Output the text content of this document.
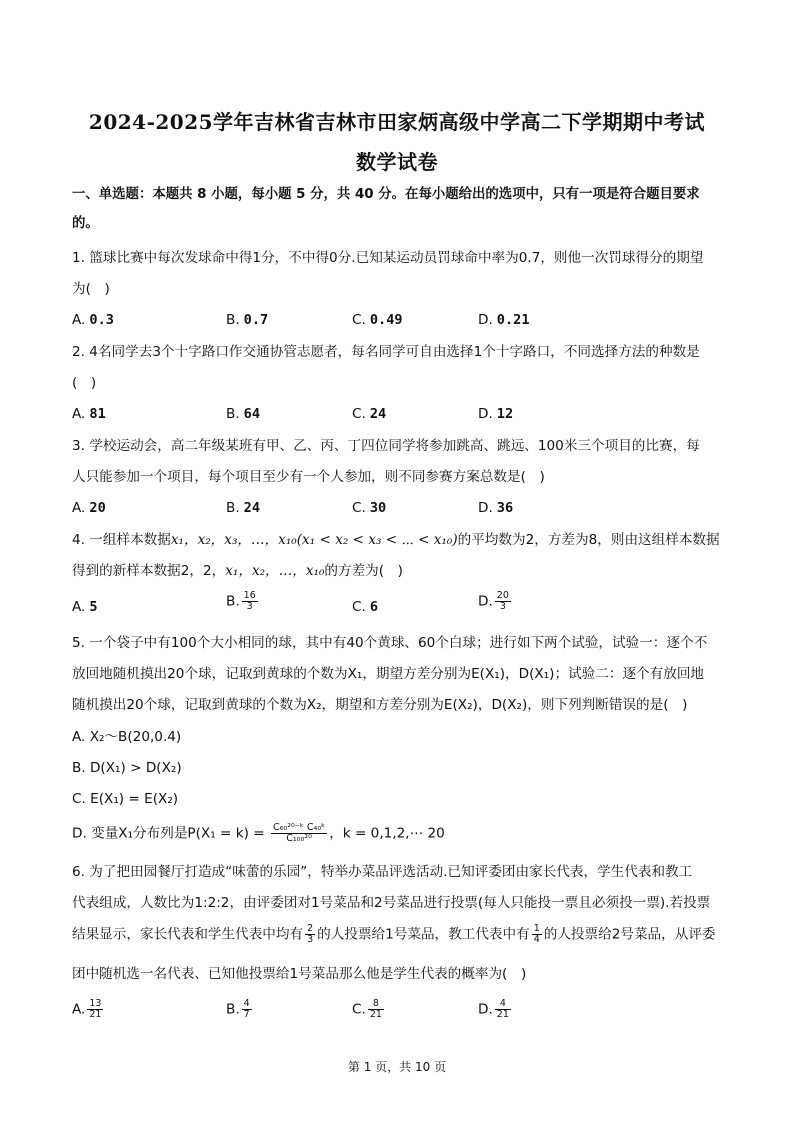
2024-2025学年吉林省吉林市田家炳高级中学高二下学期期中考试
数学试卷
一、单选题：本题共 8 小题，每小题 5 分，共 40 分。在每小题给出的选项中，只有一项是符合题目要求
的。
1. 篮球比赛中每次发球命中得1分，不中得0分.已知某运动员罚球命中率为0.7，则他一次罚球得分的期望
为(　)
A. 0.3	B. 0.7	C. 0.49	D. 0.21
2. 4名同学去3个十字路口作交通协管志愿者，每名同学可自由选择1个十字路口，不同选择方法的种数是
(　)
A. 81	B. 64	C. 24	D. 12
3. 学校运动会，高二年级某班有甲、乙、丙、丁四位同学将参加跳高、跳远、100米三个项目的比赛，每
人只能参加一个项目，每个项目至少有一个人参加，则不同参赛方案总数是(　)
A. 20	B. 24	C. 30	D. 36
4. 一组样本数据x₁，x₂，x₃，…，x₁₀(x₁ < x₂ < x₃ < ⋯ < x₁₀)的平均数为2，方差为8，则由这组样本数据
得到的新样本数据2，2，x₁，x₂，…，x₁₀的方差为(　)
A. 5	B. $\frac{16}{3}$	C. 6	D. $\frac{20}{3}$
5. 一个袋子中有100个大小相同的球，其中有40个黄球、60个白球；进行如下两个试验，试验一：逐个不
放回地随机摸出20个球，记取到黄球的个数为X₁，期望方差分别为E(X₁)，D(X₁)；试验二：逐个有放回地
随机摸出20个球，记取到黄球的个数为X₂，期望和方差分别为E(X₂)，D(X₂)，则下列判断错误的是(　)
A. X₂～B(20,0.4)
B. D(X₁) > D(X₂)
C. E(X₁) = E(X₂)
D. 变量X₁分布列是$P(X_1 = k) = \frac{\text{C₆₀²⁰⁻ᵏ C₄₀ᵏ}}{\text{C₁₀₀²⁰}}$ ，k = 0,1,2,⋯ 20
6. 为了把田园餐厅打造成“味蕾的乐园”，特举办菜品评选活动.已知评委团由家长代表，学生代表和教工
代表组成，人数比为1:2:2，由评委团对1号菜品和2号菜品进行投票(每人只能投一票且必须投一票).若投票
结果显示，家长代表和学生代表中均有 $\frac{2}{3}$ 的人投票给1号菜品，教工代表中有 $\frac{1}{4}$ 的人投票给2号菜品，从评委
团中随机选一名代表、已知他投票给1号菜品那么他是学生代表的概率为(　)
A. $\frac{13}{21}$	B. $\frac{4}{7}$	C. $\frac{8}{21}$	D. $\frac{4}{21}$
第 1 页，共 10 页
